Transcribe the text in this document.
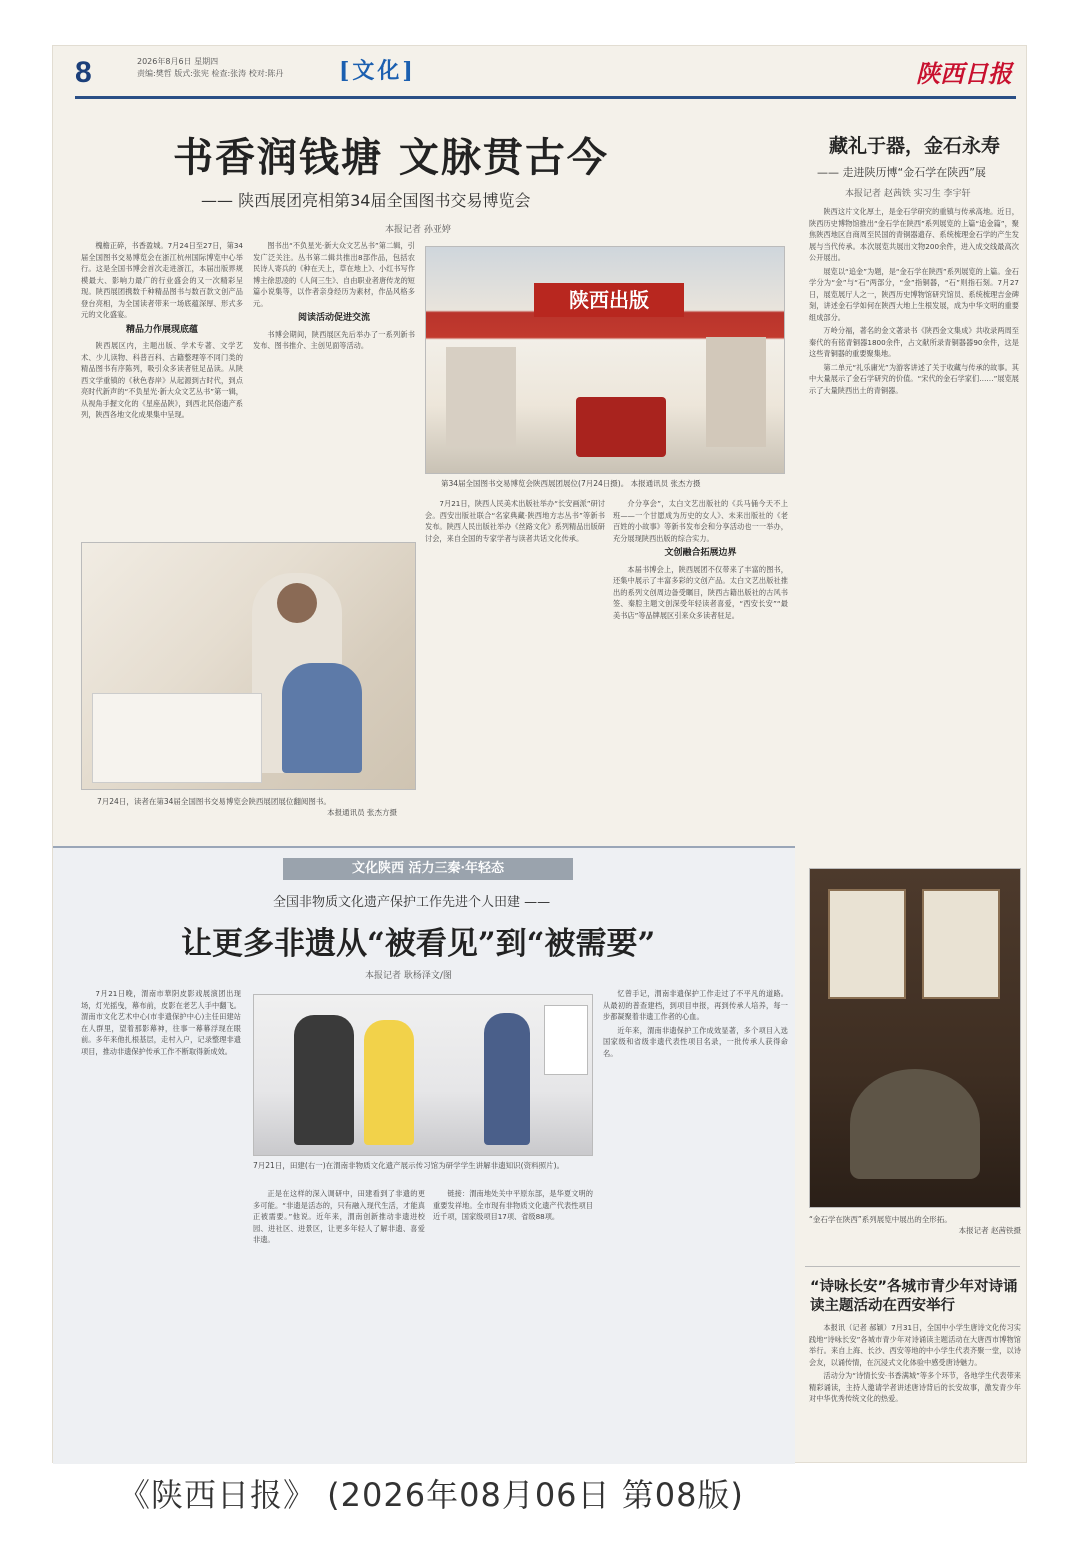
8	2026年8月6日 星期四
责编:樊哲 版式:张宪 检查:张涛 校对:陈丹	[文化]	陕西日报
书香润钱塘 文脉贯古今
—— 陕西展团亮相第34届全国图书交易博览会
本报记者 孙亚婷

槐檐正碎，书香盈城。7月24日至27日，第34届全国图书交易博览会在浙江杭州国际博览中心举行。这是全国书博会首次走进浙江，本届出版界规模最大、影响力最广的行业盛会的又一次精彩呈现。陕西展团携数千种精品图书与数百款文创产品登台亮相，为全国读者带来一场底蕴深厚、形式多元的文化盛宴。

精品力作展现底蕴

陕西展区内，主题出版、学术专著、文学艺术、少儿读物、科普百科、古籍整理等不同门类的精品图书有序陈列，吸引众多读者驻足品读。从陕西文学重镇的《秋色春岸》从起源到古时代，到点亮时代新声的“不负星光·新大众文艺丛书”第一辑，从视角手握文化的《星座品陕》，到西北民俗遗产系列，陕西各地文化成果集中呈现。

图书出“不负星光·新大众文艺丛书”第二辑，引发广泛关注。丛书第二辑共推出8部作品，包括农民诗人寄兵的《种在天上，草在地上》、小红书写作博主徐思凌的《人间三生》、自由职业者唐传龙的短篇小说集等，以作者亲身经历为素材，作品风格多元。

阅读活动促进交流

书博会期间，陕西展区先后举办了一系列新书发布、图书推介、主创见面等活动。

陕西出版
第34届全国图书交易博览会陕西展团展位(7月24日摄)。 本报通讯员 张杰方摄
7月24日，读者在第34届全国图书交易博览会陕西展团展位翻阅图书。
本报通讯员 张杰方摄

7月21日，陕西人民美术出版社举办“长安画派”研讨会。西安出版社联合“名家典藏·陕西地方志丛书”等新书发布。陕西人民出版社举办《丝路文化》系列精品出版研讨会，来自全国的专家学者与读者共话文化传承。

介分享会”，太白文艺出版社的《兵马俑今天不上班——一个甘愿成为历史的女人》、未来出版社的《老百姓的小故事》等新书发布会和分享活动也一一举办，充分展现陕西出版的综合实力。

文创融合拓展边界

本届书博会上，陕西展团不仅带来了丰富的图书，还集中展示了丰富多彩的文创产品。太白文艺出版社推出的系列文创周边备受瞩目，陕西古籍出版社的古风书签、秦腔主题文创深受年轻读者喜爱，“西安长安”“最美书店”等品牌展区引来众多读者驻足。

文化陕西 活力三秦·年轻态
全国非物质文化遗产保护工作先进个人田建 ——
让更多非遗从“被看见”到“被需要”
本报记者 耿杨泽文/图

7月21日晚，渭南市華阴皮影戏展演团出现场，灯光摇曳，幕布前，皮影在老艺人手中翻飞。渭南市文化艺术中心(市非遗保护中心)主任田建站在人群里，望着那影幕神，往事一幕幕浮现在眼前。多年来他扎根基层，走村入户，记录整理非遗项目，推动非遗保护传承工作不断取得新成效。

7月21日，田建(右一)在渭南非物质文化遗产展示传习馆为研学学生讲解非遗知识(资料照片)。

正是在这样的深入调研中，田建看到了非遗的更多可能。“非遗是活态的，只有融入现代生活，才能真正被需要。”他说。近年来，渭南创新推动非遗进校园、进社区、进景区，让更多年轻人了解非遗、喜爱非遗。

链接：渭南地处关中平原东部，是华夏文明的重要发祥地。全市现有非物质文化遗产代表性项目近千项，国家级项目17项、省级88项。

忆曾手记，渭南非遗保护工作走过了不平凡的道路。从最初的普查建档，到项目申报，再到传承人培养，每一步都凝聚着非遗工作者的心血。

近年来，渭南非遗保护工作成效显著，多个项目入选国家级和省级非遗代表性项目名录，一批传承人获得命名。

藏礼于器，金石永寿
—— 走进陕历博“金石学在陕西”展
本报记者 赵茜铁 实习生 李宇轩

陕西这片文化厚土，是金石学研究的重镇与传承高地。近日，陕西历史博物馆推出“金石学在陕西”系列展览的上篇“追金篇”，聚焦陕西地区自商周至民国的青铜器遗存、系统梳理金石学的产生发展与当代传承。本次展览共展出文物200余件，进入成交线最高次公开展出。

展览以“追金”为题，是“金石学在陕西”系列展览的上篇。金石学分为“金”与“石”两部分，“金”指铜器，“石”则指石刻。7月27日，展览展厅人之一，陕西历史博物馆研究馆员、系统梳理吉金碑刻，讲述金石学如何在陕西大地上生根发展，成为中华文明的重要组成部分。

万岭分福，著名的金文著录书《陕西金文集成》共收录两周至秦代的有铭青铜器1800余件，占文献所录青铜器器90余件，这是这些青铜器的重要聚集地。

第二单元“礼乐庸光”为游客讲述了关于收藏与传承的故事。其中大量展示了金石学研究的价值。“宋代的金石学家们……”展览展示了大量陕西出土的青铜器。

“金石学在陕西”系列展览中展出的全形拓。
本报记者 赵茜铁摄
“诗咏长安”各城市青少年对诗诵读主题活动在西安举行

本报讯（记者 郝颖）7月31日，全国中小学生唐诗文化传习实践地“诗咏长安”各城市青少年对诗诵读主题活动在大唐西市博物馆举行。来自上海、长沙、西安等地的中小学生代表齐聚一堂，以诗会友，以诵传情，在沉浸式文化体验中感受唐诗魅力。

活动分为“诗情长安·书香满城”等多个环节，各地学生代表带来精彩诵读，主持人邀请学者讲述唐诗背后的长安故事，激发青少年对中华优秀传统文化的热爱。

《陕西日报》 (2026年08月06日 第08版)
